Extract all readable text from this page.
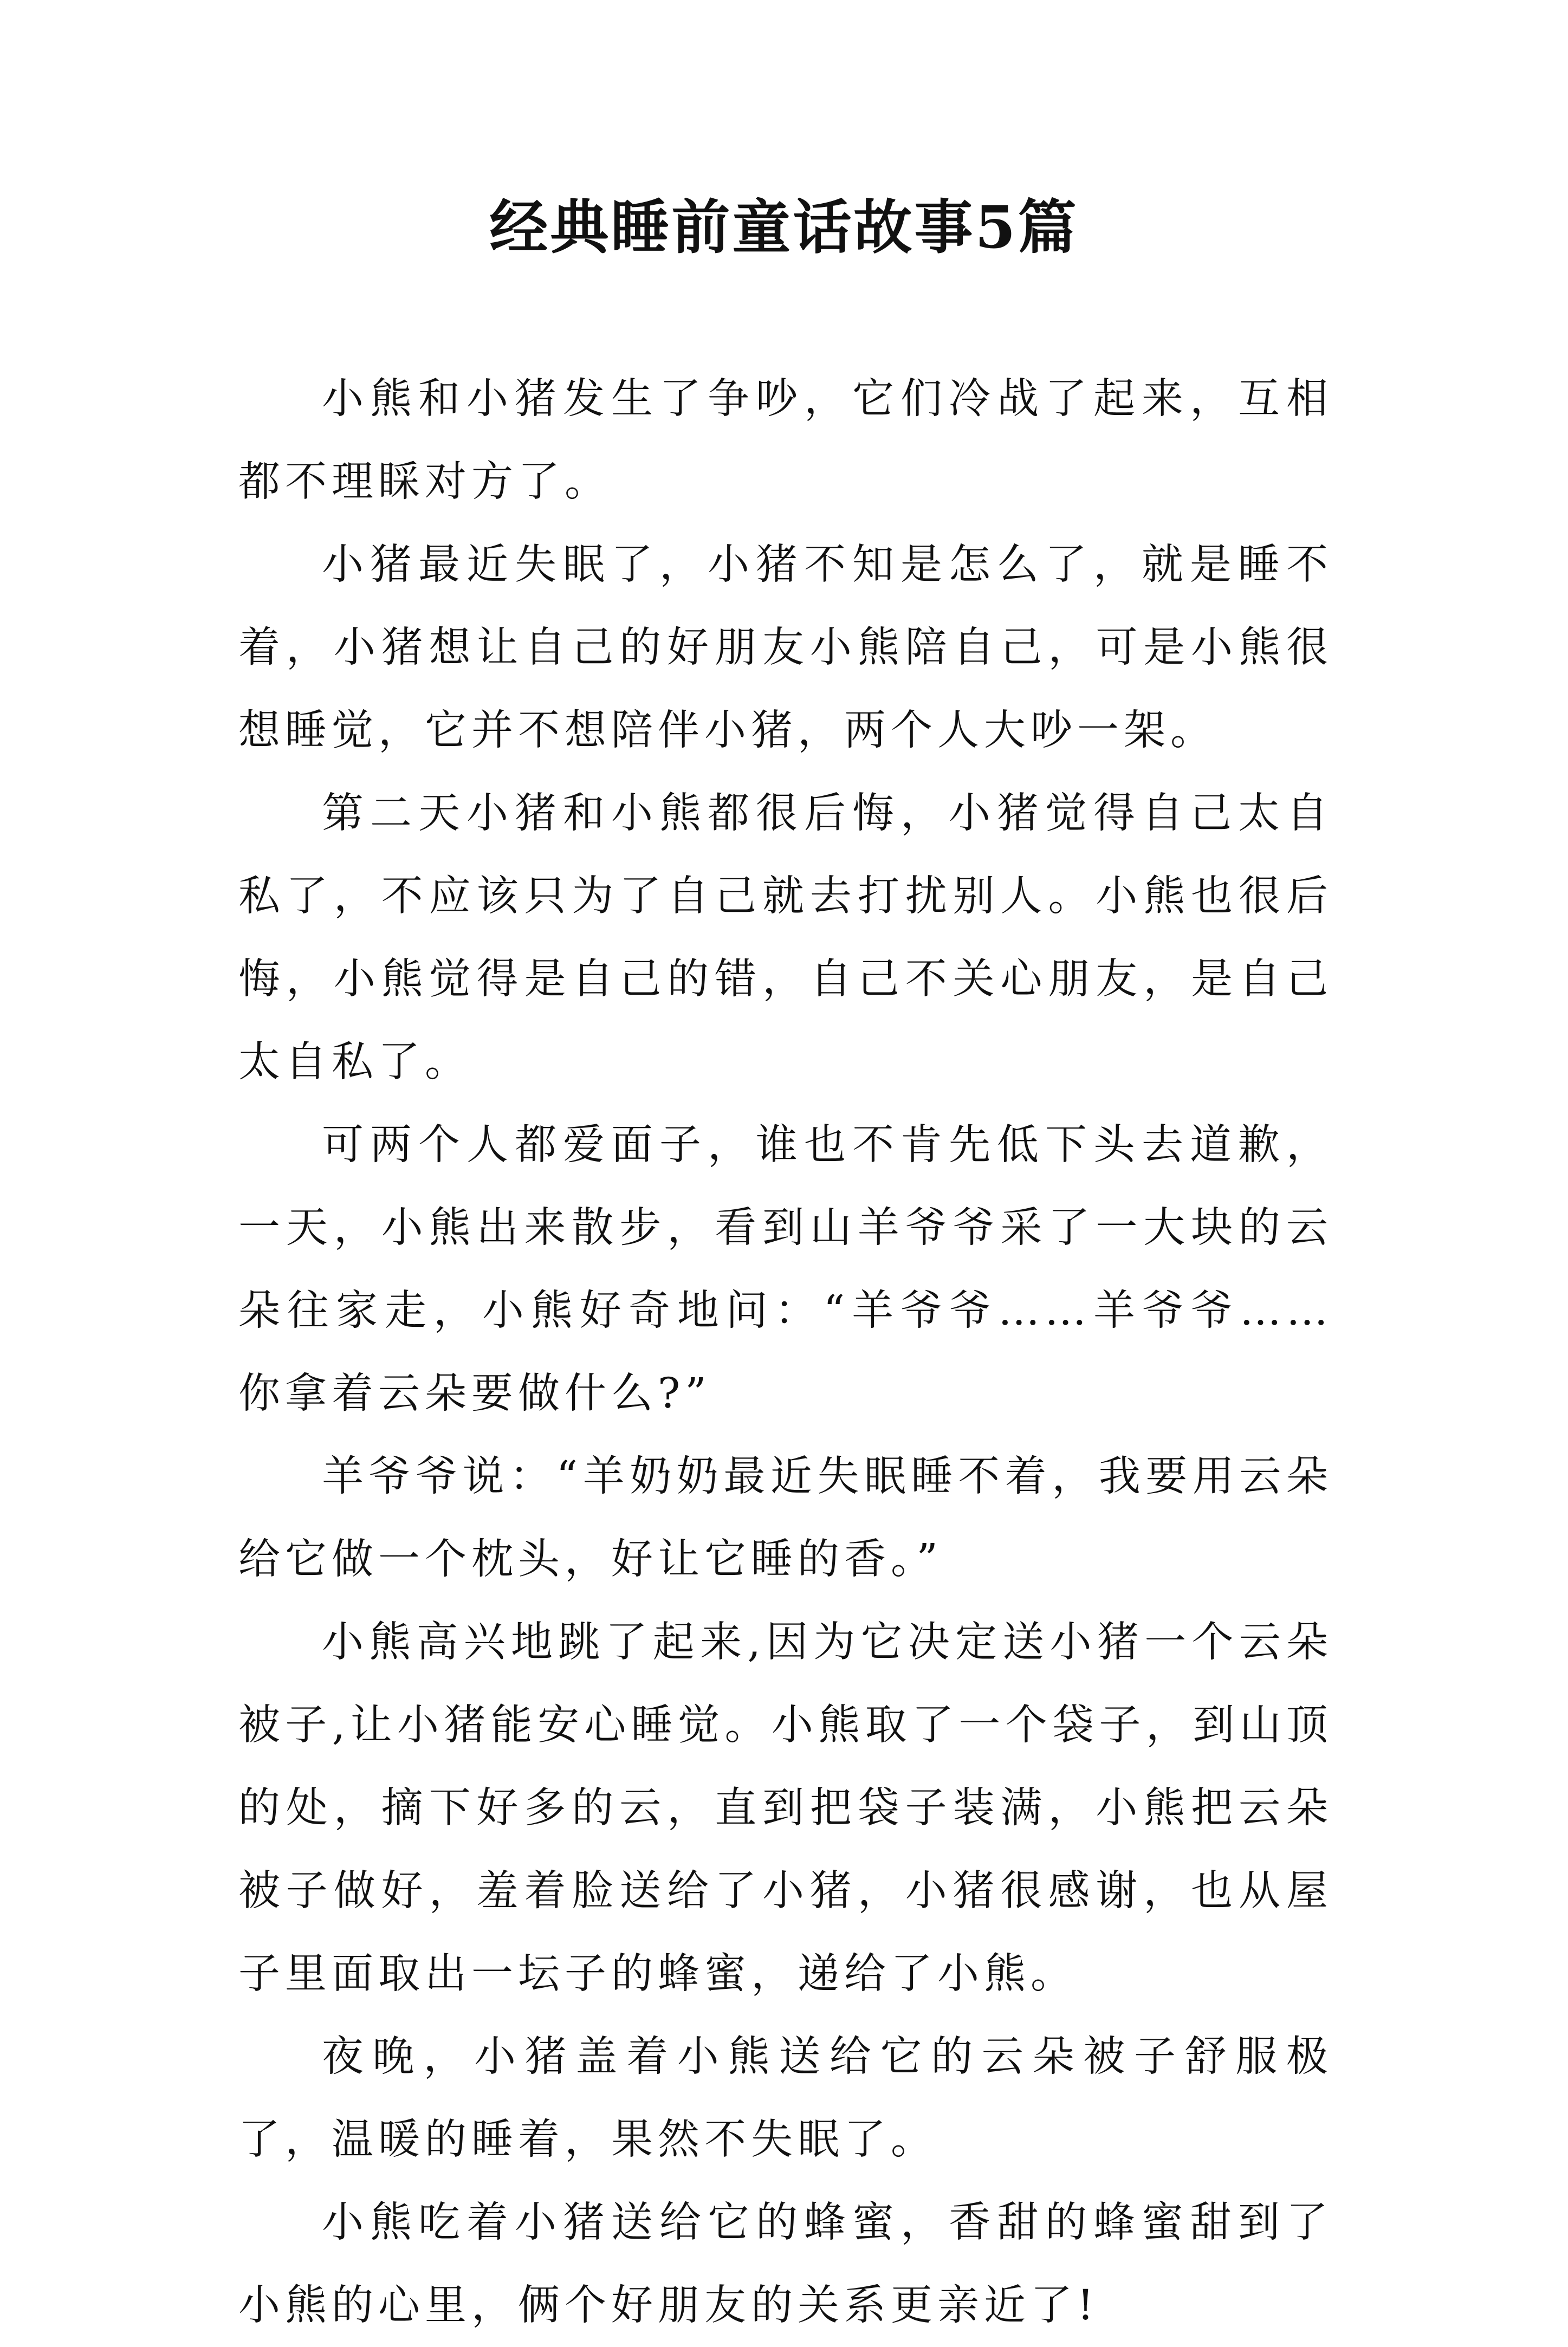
经典睡前童话故事5篇

小熊和小猪发生了争吵，它们冷战了起来，互相都不理睬对方了。

小猪最近失眠了，小猪不知是怎么了，就是睡不着，小猪想让自己的好朋友小熊陪自己，可是小熊很想睡觉，它并不想陪伴小猪，两个人大吵一架。

第二天小猪和小熊都很后悔，小猪觉得自己太自私了，不应该只为了自己就去打扰别人。小熊也很后悔，小熊觉得是自己的错，自己不关心朋友，是自己太自私了。

可两个人都爱面子，谁也不肯先低下头去道歉，一天，小熊出来散步，看到山羊爷爷采了一大块的云朵往家走，小熊好奇地问：“羊爷爷……羊爷爷……你拿着云朵要做什么?”

羊爷爷说：“羊奶奶最近失眠睡不着，我要用云朵给它做一个枕头，好让它睡的香。”

小熊高兴地跳了起来,因为它决定送小猪一个云朵被子,让小猪能安心睡觉。小熊取了一个袋子，到山顶的处，摘下好多的云，直到把袋子装满，小熊把云朵被子做好，羞着脸送给了小猪，小猪很感谢，也从屋子里面取出一坛子的蜂蜜，递给了小熊。

夜晚，小猪盖着小熊送给它的云朵被子舒服极了，温暖的睡着，果然不失眠了。

小熊吃着小猪送给它的蜂蜜，香甜的蜂蜜甜到了小熊的心里，俩个好朋友的关系更亲近了!
